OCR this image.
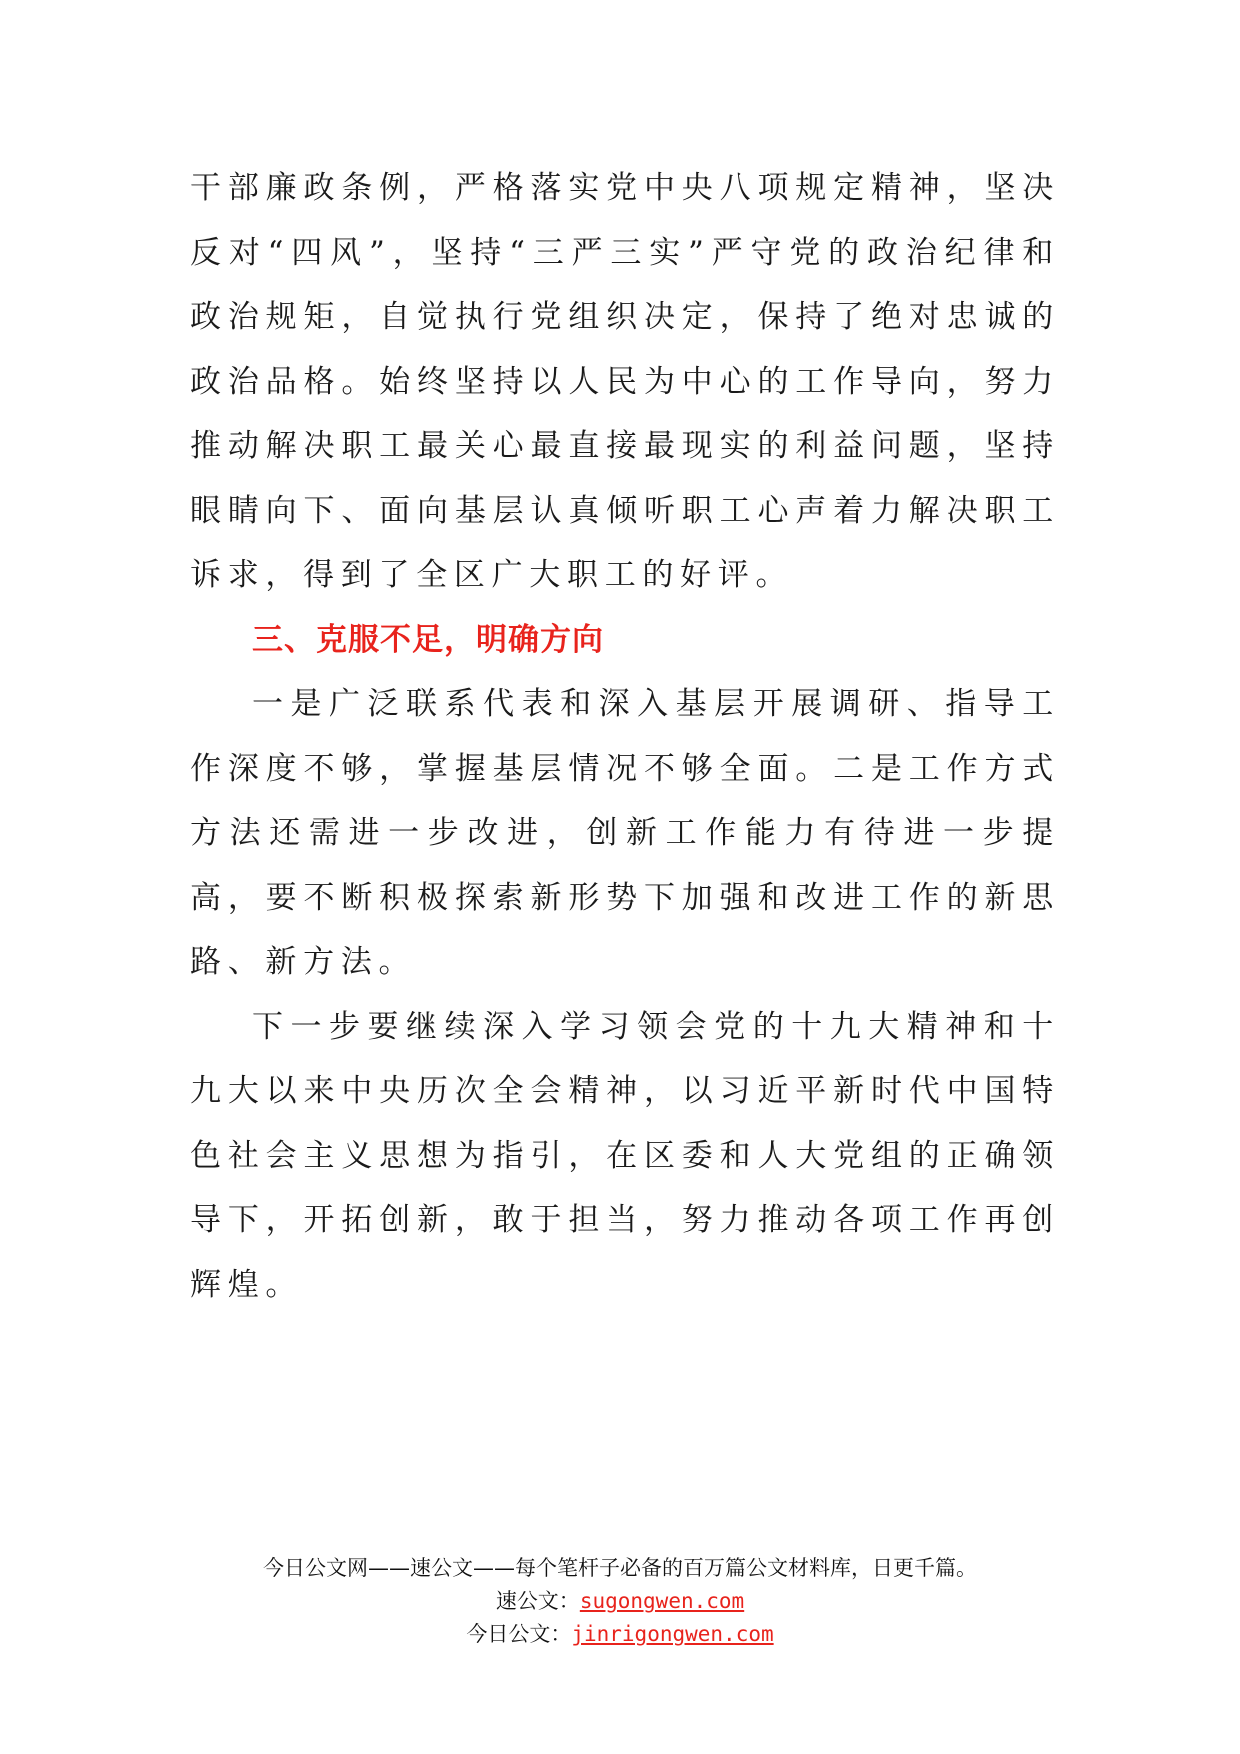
干部廉政条例，严格落实党中央八项规定精神，坚决反对“四风”，坚持“三严三实”严守党的政治纪律和政治规矩，自觉执行党组织决定，保持了绝对忠诚的政治品格。始终坚持以人民为中心的工作导向，努力推动解决职工最关心最直接最现实的利益问题，坚持眼睛向下、面向基层认真倾听职工心声着力解决职工诉求，得到了全区广大职工的好评。

三、克服不足，明确方向

一是广泛联系代表和深入基层开展调研、指导工作深度不够，掌握基层情况不够全面。二是工作方式方法还需进一步改进，创新工作能力有待进一步提高，要不断积极探索新形势下加强和改进工作的新思路、新方法。

下一步要继续深入学习领会党的十九大精神和十九大以来中央历次全会精神，以习近平新时代中国特色社会主义思想为指引，在区委和人大党组的正确领导下，开拓创新，敢于担当，努力推动各项工作再创辉煌。

今日公文网——速公文——每个笔杆子必备的百万篇公文材料库，日更千篇。
速公文：sugongwen.com
今日公文：jinrigongwen.com
